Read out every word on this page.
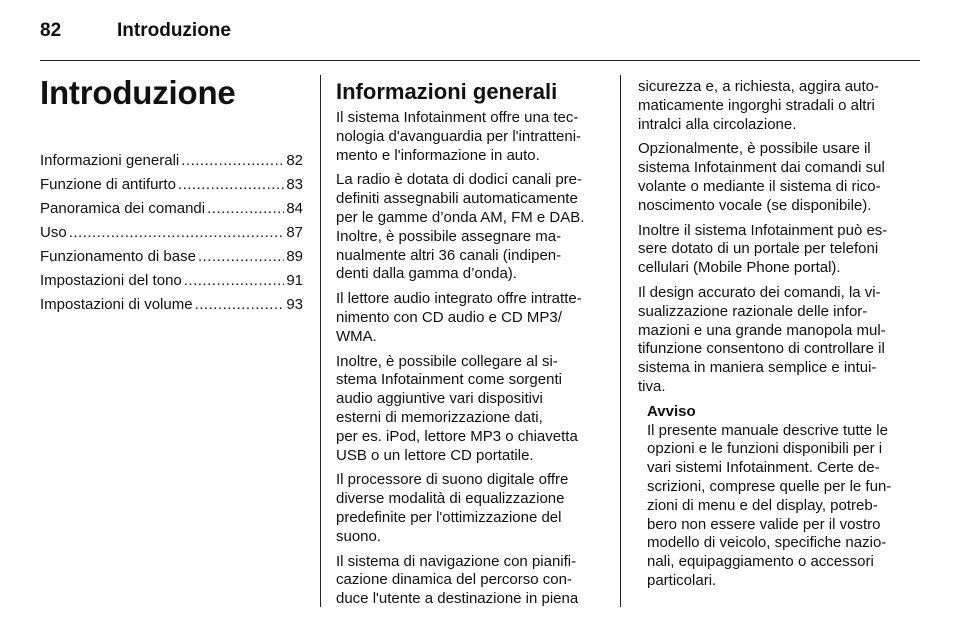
82	Introduzione
Introduzione
Informazioni generali .....	82
Funzione di antifurto .....	83
Panoramica dei comandi .....	84
Uso .....	87
Funzionamento di base .....	89
Impostazioni del tono .....	91
Impostazioni di volume .....	93
Informazioni generali

Il sistema Infotainment offre una tec-
nologia d'avanguardia per l'intratteni-
mento e l'informazione in auto.

La radio è dotata di dodici canali pre-
definiti assegnabili automaticamente
per le gamme d’onda AM, FM e DAB.
Inoltre, è possibile assegnare ma-
nualmente altri 36 canali (indipen-
denti dalla gamma d’onda).

Il lettore audio integrato offre intratte-
nimento con CD audio e CD MP3/
WMA.

Inoltre, è possibile collegare al si-
stema Infotainment come sorgenti
audio aggiuntive vari dispositivi
esterni di memorizzazione dati,
per es. iPod, lettore MP3 o chiavetta
USB o un lettore CD portatile.

Il processore di suono digitale offre
diverse modalità di equalizzazione
predefinite per l'ottimizzazione del
suono.

Il sistema di navigazione con pianifi-
cazione dinamica del percorso con-
duce l'utente a destinazione in piena

sicurezza e, a richiesta, aggira auto-
maticamente ingorghi stradali o altri
intralci alla circolazione.

Opzionalmente, è possibile usare il
sistema Infotainment dai comandi sul
volante o mediante il sistema di rico-
noscimento vocale (se disponibile).

Inoltre il sistema Infotainment può es-
sere dotato di un portale per telefoni
cellulari (Mobile Phone portal).

Il design accurato dei comandi, la vi-
sualizzazione razionale delle infor-
mazioni e una grande manopola mul-
tifunzione consentono di controllare il
sistema in maniera semplice e intui-
tiva.

Avviso
Il presente manuale descrive tutte le
opzioni e le funzioni disponibili per i
vari sistemi Infotainment. Certe de-
scrizioni, comprese quelle per le fun-
zioni di menu e del display, potreb-
bero non essere valide per il vostro
modello di veicolo, specifiche nazio-
nali, equipaggiamento o accessori
particolari.
